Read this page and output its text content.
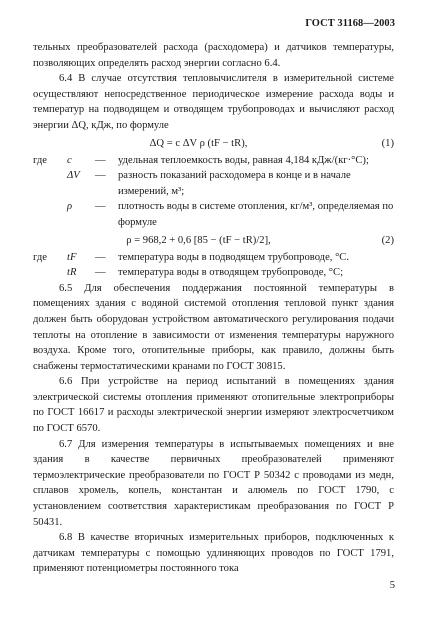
ГОСТ 31168—2003

тельных преобразователей расхода (расходомера) и датчиков температуры, позволяющих определять расход энергии согласно 6.4.

6.4 В случае отсутствия тепловычислителя в измерительной системе осуществляют непосредственное периодическое измерение расхода воды и температур на подводящем и отводящем трубопроводах и вычисляют расход энергии ΔQ, кДж, по формуле

ΔQ = c ΔV ρ (tF − tR),	(1)
где c	— удельная теплоемкость воды, равная 4,184 кДж/(кг·°С);
ΔV	— разность показаний расходомера в конце и в начале измерений, м³;
ρ	— плотность воды в системе отопления, кг/м³, определяемая по формуле
ρ = 968,2 + 0,6 [85 − (tF − tR)/2],	(2)
где tF	— температура воды в подводящем трубопроводе, °С.
tR	— температура воды в отводящем трубопроводе, °С;

6.5 Для обеспечения поддержания постоянной температуры в помещениях здания с водяной системой отопления тепловой пункт здания должен быть оборудован устройством автоматического регулирования подачи теплоты на отопление в зависимости от изменения температуры наружного воздуха. Кроме того, отопительные приборы, как правило, должны быть снабжены термостатическими кранами по ГОСТ 30815.

6.6 При устройстве на период испытаний в помещениях здания электрической системы отопления применяют отопительные электроприборы по ГОСТ 16617 и расходы электрической энергии измеряют электросчетчиком по ГОСТ 6570.

6.7 Для измерения температуры в испытываемых помещениях и вне здания в качестве первичных преобразователей применяют термоэлектрические преобразователи по ГОСТ Р 50342 с проводами из медн, сплавов хромель, копель, константан и алюмель по ГОСТ 1790, с установлением соответствия характеристикам преобразования по ГОСТ Р 50431.

6.8 В качестве вторичных измерительных приборов, подключенных к датчикам температуры с помощью удлиняющих проводов по ГОСТ 1791, применяют потенциометры постоянного тока

5
